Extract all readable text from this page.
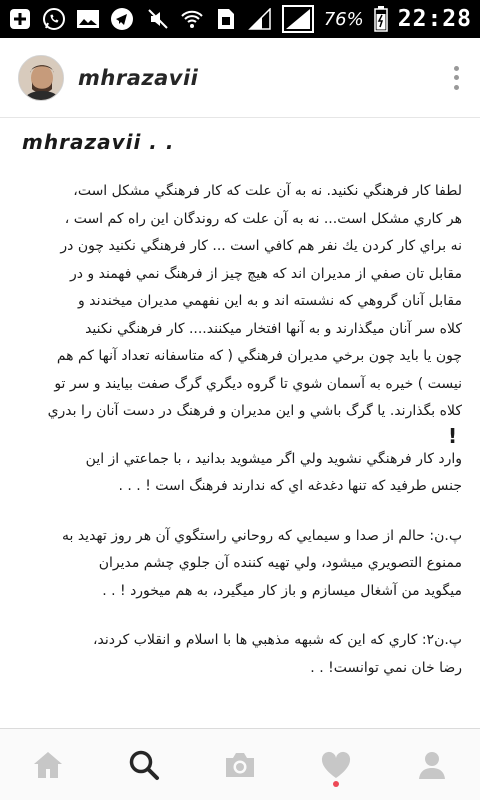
76% 22:28
mhrazavii
mhrazavii . .
لطفا کار فرهنگي نکنيد. نه به آن علت که کار فرهنگي مشکل است،
هر کاري مشکل است... نه به آن علت که روندگان اين راه کم است ،
نه براي کار کردن يك نفر هم کافي است ... کار فرهنگي نکنيد چون در
مقابل تان صفي از مديران اند که هيچ چيز از فرهنگ نمي فهمند و در
مقابل آنان گروهي که نشسته اند و به اين نفهمي مديران ميخندند و
کلاه سر آنان ميگذارند و به آنها افتخار ميکنند.... کار فرهنگي نکنيد
چون يا بايد چون برخي مديران فرهنگي ( که متاسفانه تعداد آنها کم هم
نيست ) خيره به آسمان شوي تا گروه ديگري گرگ صفت بيايند و سر تو
کلاه بگذارند. يا گرگ باشي و اين مديران و فرهنگ در دست آنان را بدري
!
وارد کار فرهنگي نشويد ولي اگر ميشويد بدانيد ، با جماعتي از اين
جنس طرفيد که تنها دغدغه اي که ندارند فرهنگ است ! . . .
پ.ن: حالم از صدا و سيمايي که روحاني راستگوي آن هر روز تهديد به
ممنوع التصويري ميشود، ولي تهيه کننده آن جلوي چشم مديران
ميگويد من آشغال ميسازم و باز کار ميگيرد، به هم ميخورد ! . .
پ.ن۲: کاري که اين که شبهه مذهبي ها با اسلام و انقلاب کردند،
رضا خان نمي توانست! . .
